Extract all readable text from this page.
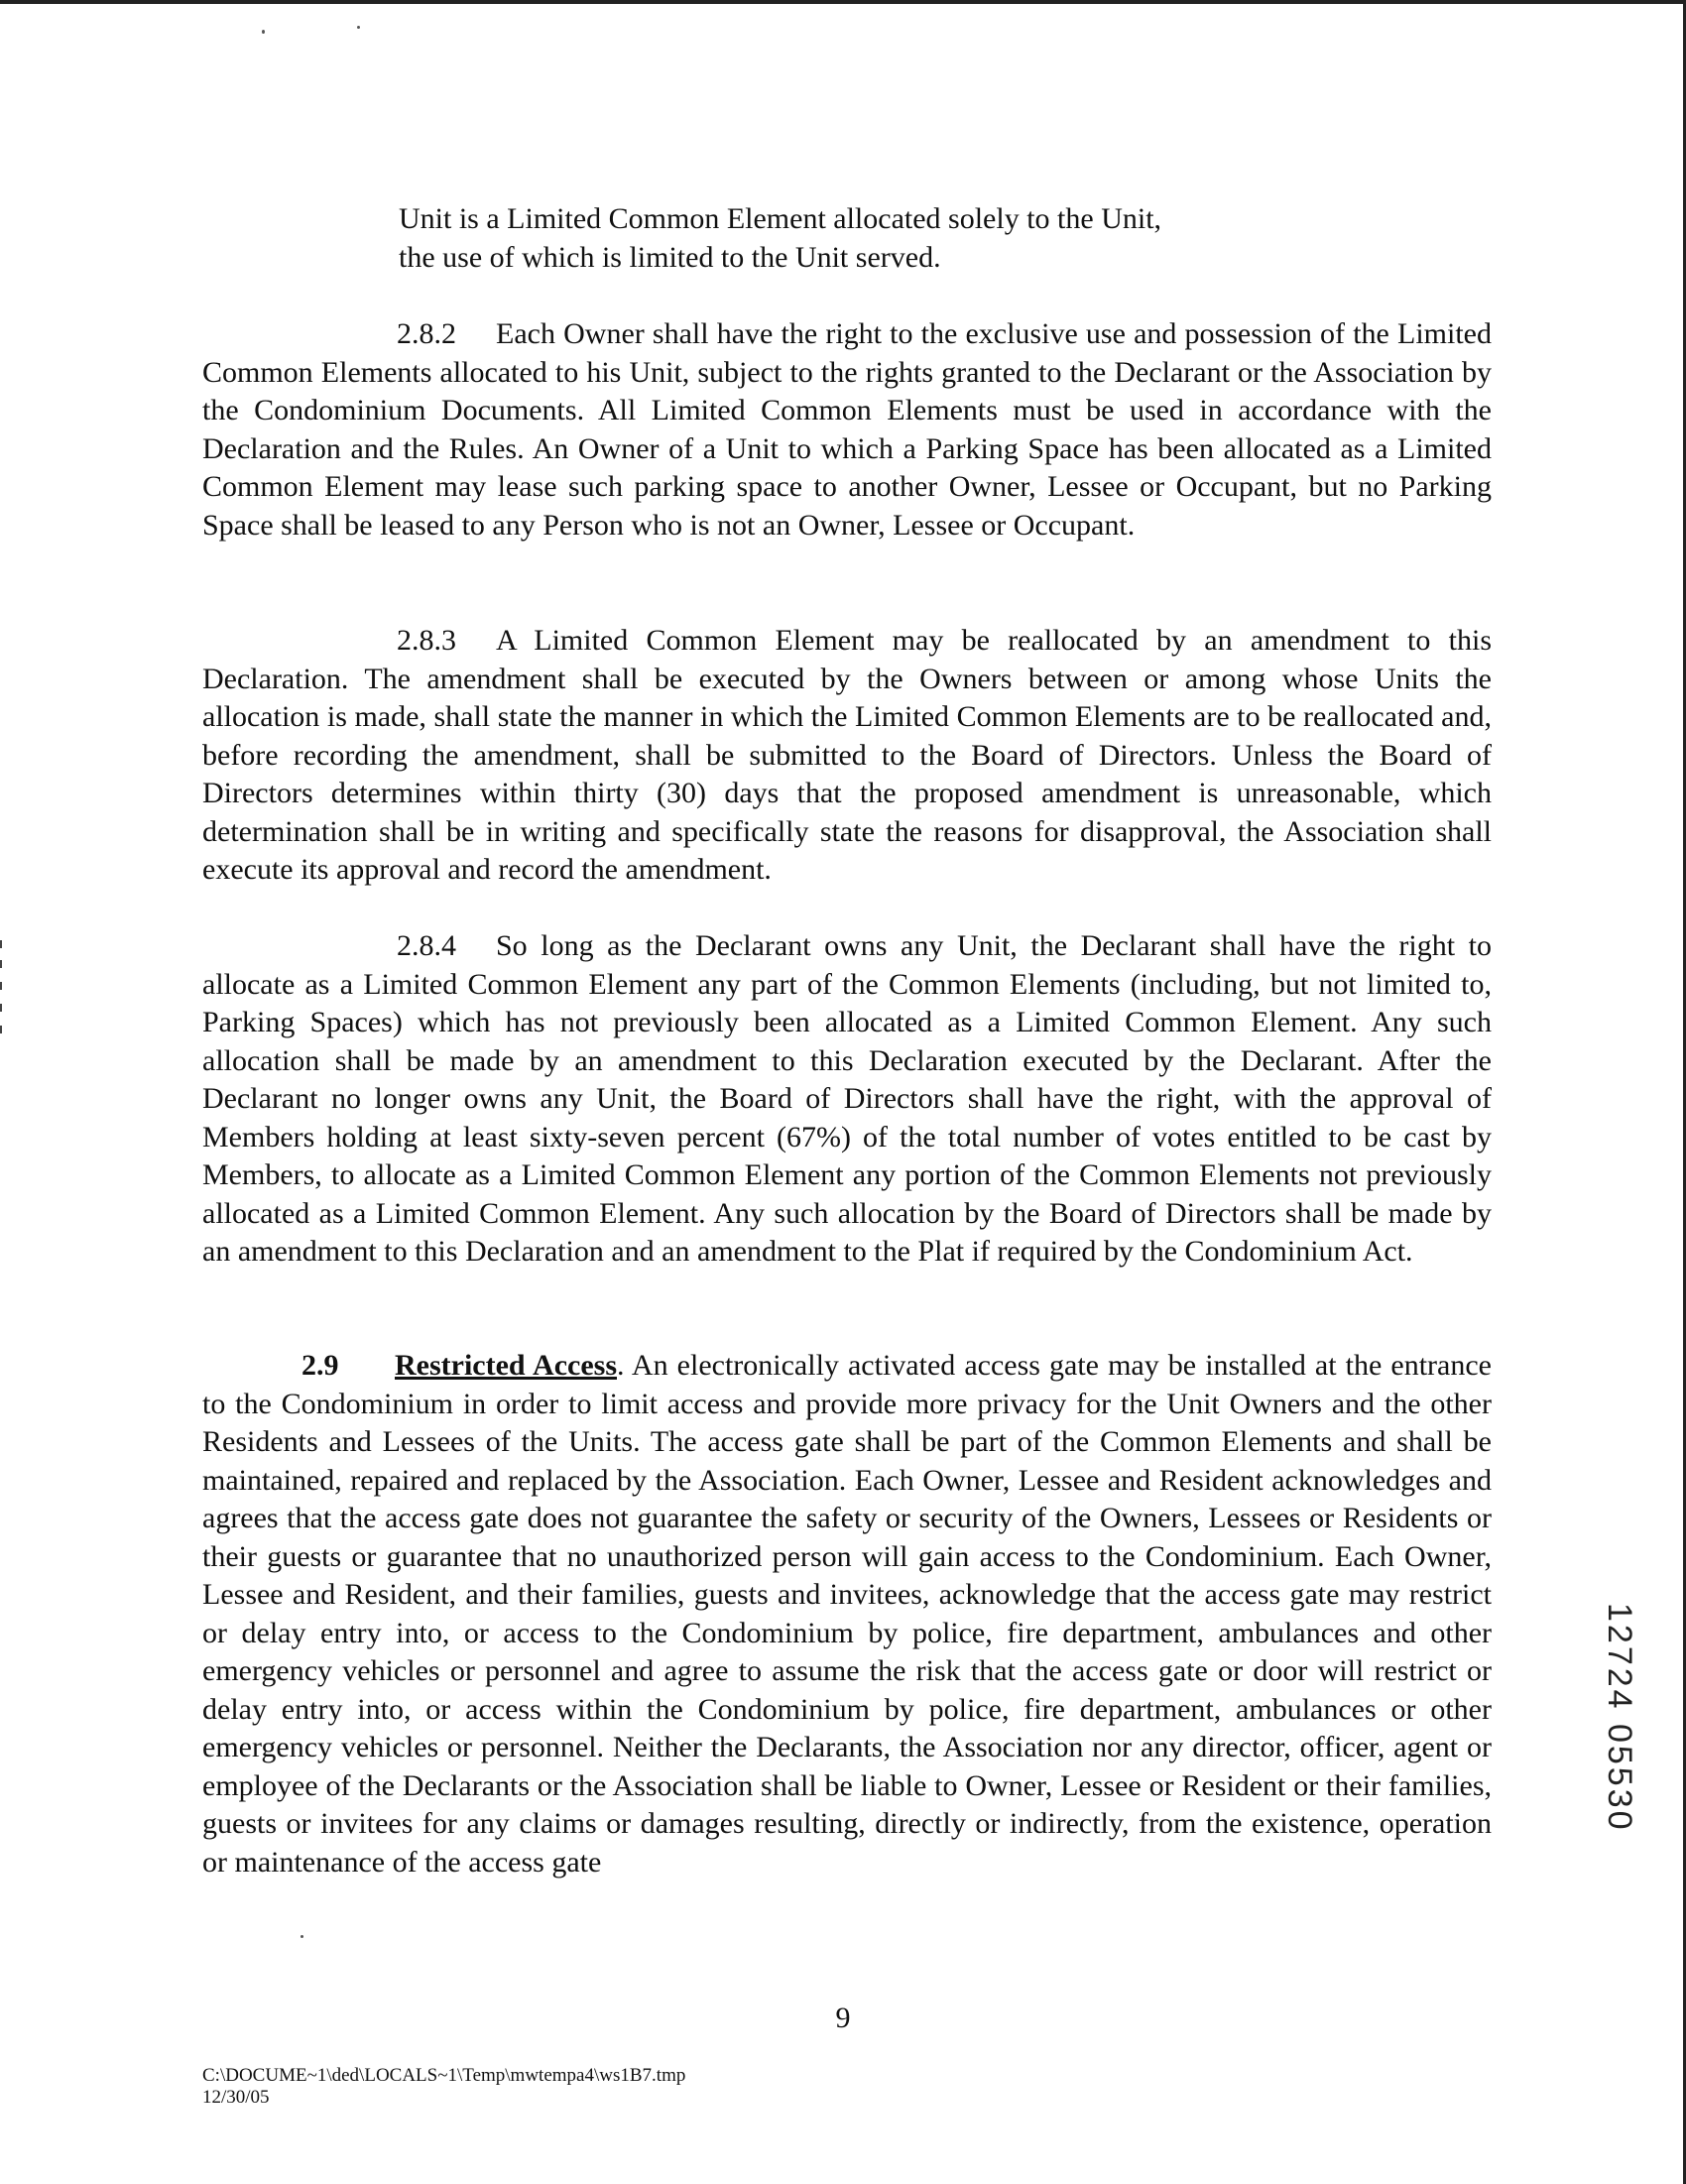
Unit is a Limited Common Element allocated solely to the Unit,
the use of which is limited to the Unit served.
2.8.2 Each Owner shall have the right to the exclusive use and possession of the Limited Common Elements allocated to his Unit, subject to the rights granted to the Declarant or the Association by the Condominium Documents. All Limited Common Elements must be used in accordance with the Declaration and the Rules. An Owner of a Unit to which a Parking Space has been allocated as a Limited Common Element may lease such parking space to another Owner, Lessee or Occupant, but no Parking Space shall be leased to any Person who is not an Owner, Lessee or Occupant.
2.8.3 A Limited Common Element may be reallocated by an amendment to this Declaration. The amendment shall be executed by the Owners between or among whose Units the allocation is made, shall state the manner in which the Limited Common Elements are to be reallocated and, before recording the amendment, shall be submitted to the Board of Directors. Unless the Board of Directors determines within thirty (30) days that the proposed amendment is unreasonable, which determination shall be in writing and specifically state the reasons for disapproval, the Association shall execute its approval and record the amendment.
2.8.4 So long as the Declarant owns any Unit, the Declarant shall have the right to allocate as a Limited Common Element any part of the Common Elements (including, but not limited to, Parking Spaces) which has not previously been allocated as a Limited Common Element. Any such allocation shall be made by an amendment to this Declaration executed by the Declarant. After the Declarant no longer owns any Unit, the Board of Directors shall have the right, with the approval of Members holding at least sixty-seven percent (67%) of the total number of votes entitled to be cast by Members, to allocate as a Limited Common Element any portion of the Common Elements not previously allocated as a Limited Common Element. Any such allocation by the Board of Directors shall be made by an amendment to this Declaration and an amendment to the Plat if required by the Condominium Act.
2.9 Restricted Access. An electronically activated access gate may be installed at the entrance to the Condominium in order to limit access and provide more privacy for the Unit Owners and the other Residents and Lessees of the Units. The access gate shall be part of the Common Elements and shall be maintained, repaired and replaced by the Association. Each Owner, Lessee and Resident acknowledges and agrees that the access gate does not guarantee the safety or security of the Owners, Lessees or Residents or their guests or guarantee that no unauthorized person will gain access to the Condominium. Each Owner, Lessee and Resident, and their families, guests and invitees, acknowledge that the access gate may restrict or delay entry into, or access to the Condominium by police, fire department, ambulances and other emergency vehicles or personnel and agree to assume the risk that the access gate or door will restrict or delay entry into, or access within the Condominium by police, fire department, ambulances or other emergency vehicles or personnel. Neither the Declarants, the Association nor any director, officer, agent or employee of the Declarants or the Association shall be liable to Owner, Lessee or Resident or their families, guests or invitees for any claims or damages resulting, directly or indirectly, from the existence, operation or maintenance of the access gate
9
C:\DOCUME~1\ded\LOCALS~1\Temp\mwtempa4\ws1B7.tmp
12/30/05
12724 05530
